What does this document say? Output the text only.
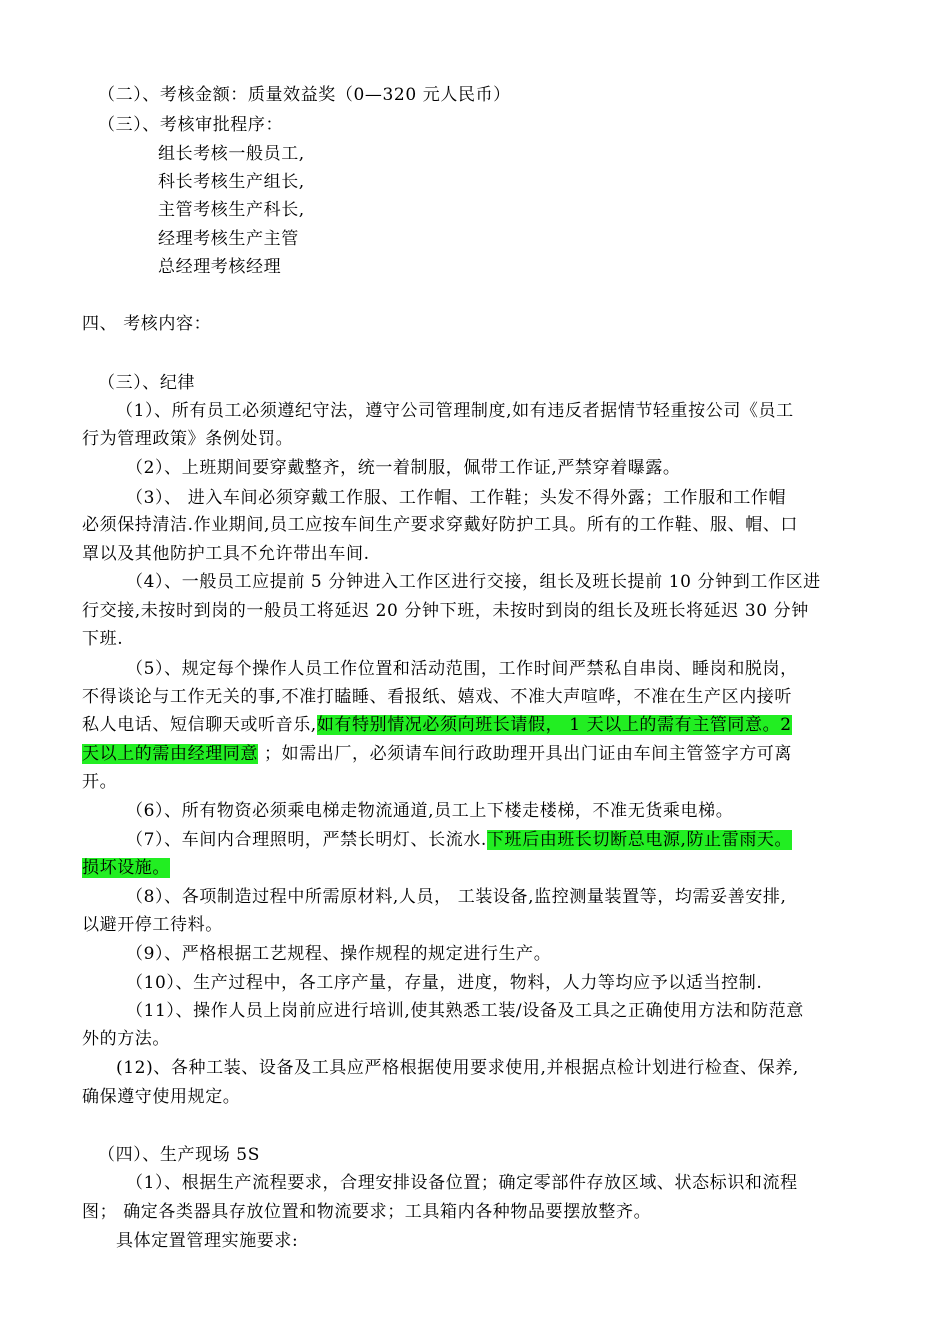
（二）、考核金额：质量效益奖（0—320 元人民币）
（三）、考核审批程序：
组长考核一般员工,
科长考核生产组长,
主管考核生产科长,
经理考核生产主管
总经理考核经理
四、 考核内容：
（三）、纪律
（1）、所有员工必须遵纪守法，遵守公司管理制度,如有违反者据情节轻重按公司《员工
行为管理政策》条例处罚。
（2）、上班期间要穿戴整齐，统一着制服，佩带工作证,严禁穿着曝露。
（3）、 进入车间必须穿戴工作服、工作帽、工作鞋；头发不得外露；工作服和工作帽
必须保持清洁.作业期间,员工应按车间生产要求穿戴好防护工具。所有的工作鞋、服、帽、口
罩以及其他防护工具不允许带出车间.
（4）、一般员工应提前 5 分钟进入工作区进行交接，组长及班长提前 10 分钟到工作区进
行交接,未按时到岗的一般员工将延迟 20 分钟下班，未按时到岗的组长及班长将延迟 30 分钟
下班.
（5）、规定每个操作人员工作位置和活动范围，工作时间严禁私自串岗、睡岗和脱岗，
不得谈论与工作无关的事,不准打瞌睡、看报纸、嬉戏、不准大声喧哗，不准在生产区内接听
私人电话、短信聊天或听音乐,如有特别情况必须向班长请假， 1 天以上的需有主管同意。2
天以上的需由经理同意 ；如需出厂，必须请车间行政助理开具出门证由车间主管签字方可离
开。
（6）、所有物资必须乘电梯走物流通道,员工上下楼走楼梯，不准无货乘电梯。
（7）、车间内合理照明，严禁长明灯、长流水.下班后由班长切断总电源,防止雷雨天。
损坏设施。
（8）、各项制造过程中所需原材料,人员， 工装设备,监控测量装置等，均需妥善安排,
以避开停工待料。
（9）、严格根据工艺规程、操作规程的规定进行生产。
（10）、生产过程中，各工序产量，存量，进度，物料，人力等均应予以适当控制.
（11）、操作人员上岗前应进行培训,使其熟悉工装/设备及工具之正确使用方法和防范意
外的方法。
(12)、各种工装、设备及工具应严格根据使用要求使用,并根据点检计划进行检查、保养,
确保遵守使用规定。
（四）、生产现场 5S
（1）、根据生产流程要求，合理安排设备位置；确定零部件存放区域、状态标识和流程
图； 确定各类器具存放位置和物流要求；工具箱内各种物品要摆放整齐。
具体定置管理实施要求:
